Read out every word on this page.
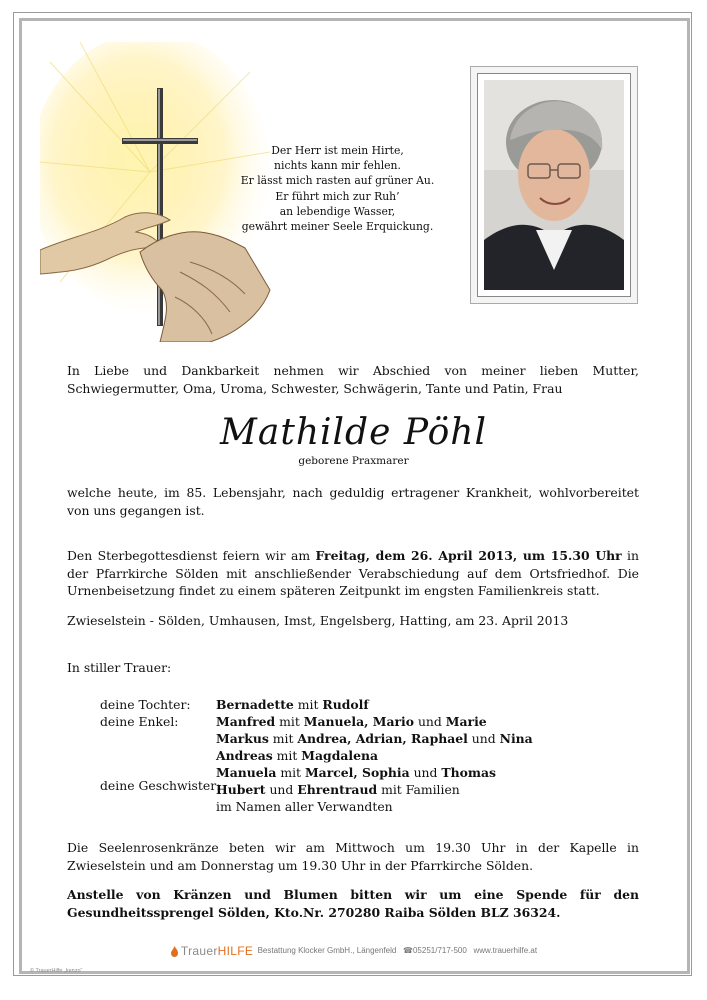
Der Herr ist mein Hirte,
nichts kann mir fehlen.
Er lässt mich rasten auf grüner Au.
Er führt mich zur Ruh’
an lebendige Wasser,
gewährt meiner Seele Erquickung.
In Liebe und Dankbarkeit nehmen wir Abschied von meiner lieben Mutter, Schwiegermutter, Oma, Uroma, Schwester, Schwägerin, Tante und Patin, Frau
Mathilde Pöhl
geborene Praxmarer
welche heute, im 85. Lebensjahr, nach geduldig ertragener Krankheit, wohlvorbereitet von uns gegangen ist.
Den Sterbegottesdienst feiern wir am Freitag, dem 26. April 2013, um 15.30 Uhr in der Pfarrkirche Sölden mit anschließender Verabschiedung auf dem Ortsfriedhof. Die Urnenbeisetzung findet zu einem späteren Zeitpunkt im engsten Familienkreis statt.
Zwieselstein - Sölden, Umhausen, Imst, Engelsberg, Hatting, am 23. April 2013
In stiller Trauer:
deine Tochter:
deine Enkel:
deine Geschwister:
Bernadette mit Rudolf
Manfred mit Manuela, Mario und Marie
Markus mit Andrea, Adrian, Raphael und Nina
Andreas mit Magdalena
Manuela mit Marcel, Sophia und Thomas
Hubert und Ehrentraud mit Familien
im Namen aller Verwandten
Die Seelenrosenkränze beten wir am Mittwoch um 19.30 Uhr in der Kapelle in Zwieselstein und am Donnerstag um 19.30 Uhr in der Pfarrkirche Sölden.
Anstelle von Kränzen und Blumen bitten wir um eine Spende für den Gesundheitssprengel Sölden, Kto.Nr. 270280 Raiba Sölden BLZ 36324.
TrauerHILFE Bestattung Klocker GmbH., Längenfeld ☎05251/717-500 www.trauerhilfe.at
© TrauerHilfe „kenzo“
